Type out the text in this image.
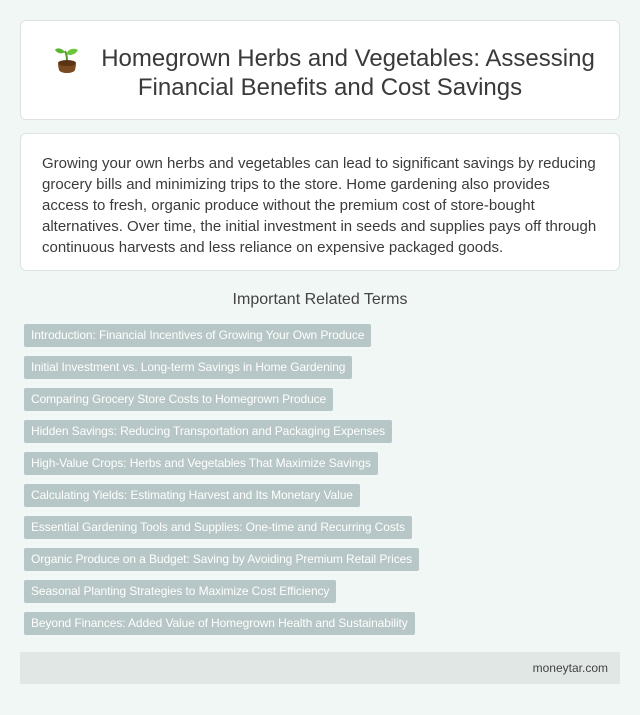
Homegrown Herbs and Vegetables: Assessing Financial Benefits and Cost Savings

Growing your own herbs and vegetables can lead to significant savings by reducing grocery bills and minimizing trips to the store. Home gardening also provides access to fresh, organic produce without the premium cost of store-bought alternatives. Over time, the initial investment in seeds and supplies pays off through continuous harvests and less reliance on expensive packaged goods.

Important Related Terms
Introduction: Financial Incentives of Growing Your Own Produce
Initial Investment vs. Long-term Savings in Home Gardening
Comparing Grocery Store Costs to Homegrown Produce
Hidden Savings: Reducing Transportation and Packaging Expenses
High-Value Crops: Herbs and Vegetables That Maximize Savings
Calculating Yields: Estimating Harvest and Its Monetary Value
Essential Gardening Tools and Supplies: One-time and Recurring Costs
Organic Produce on a Budget: Saving by Avoiding Premium Retail Prices
Seasonal Planting Strategies to Maximize Cost Efficiency
Beyond Finances: Added Value of Homegrown Health and Sustainability
moneytar.com
